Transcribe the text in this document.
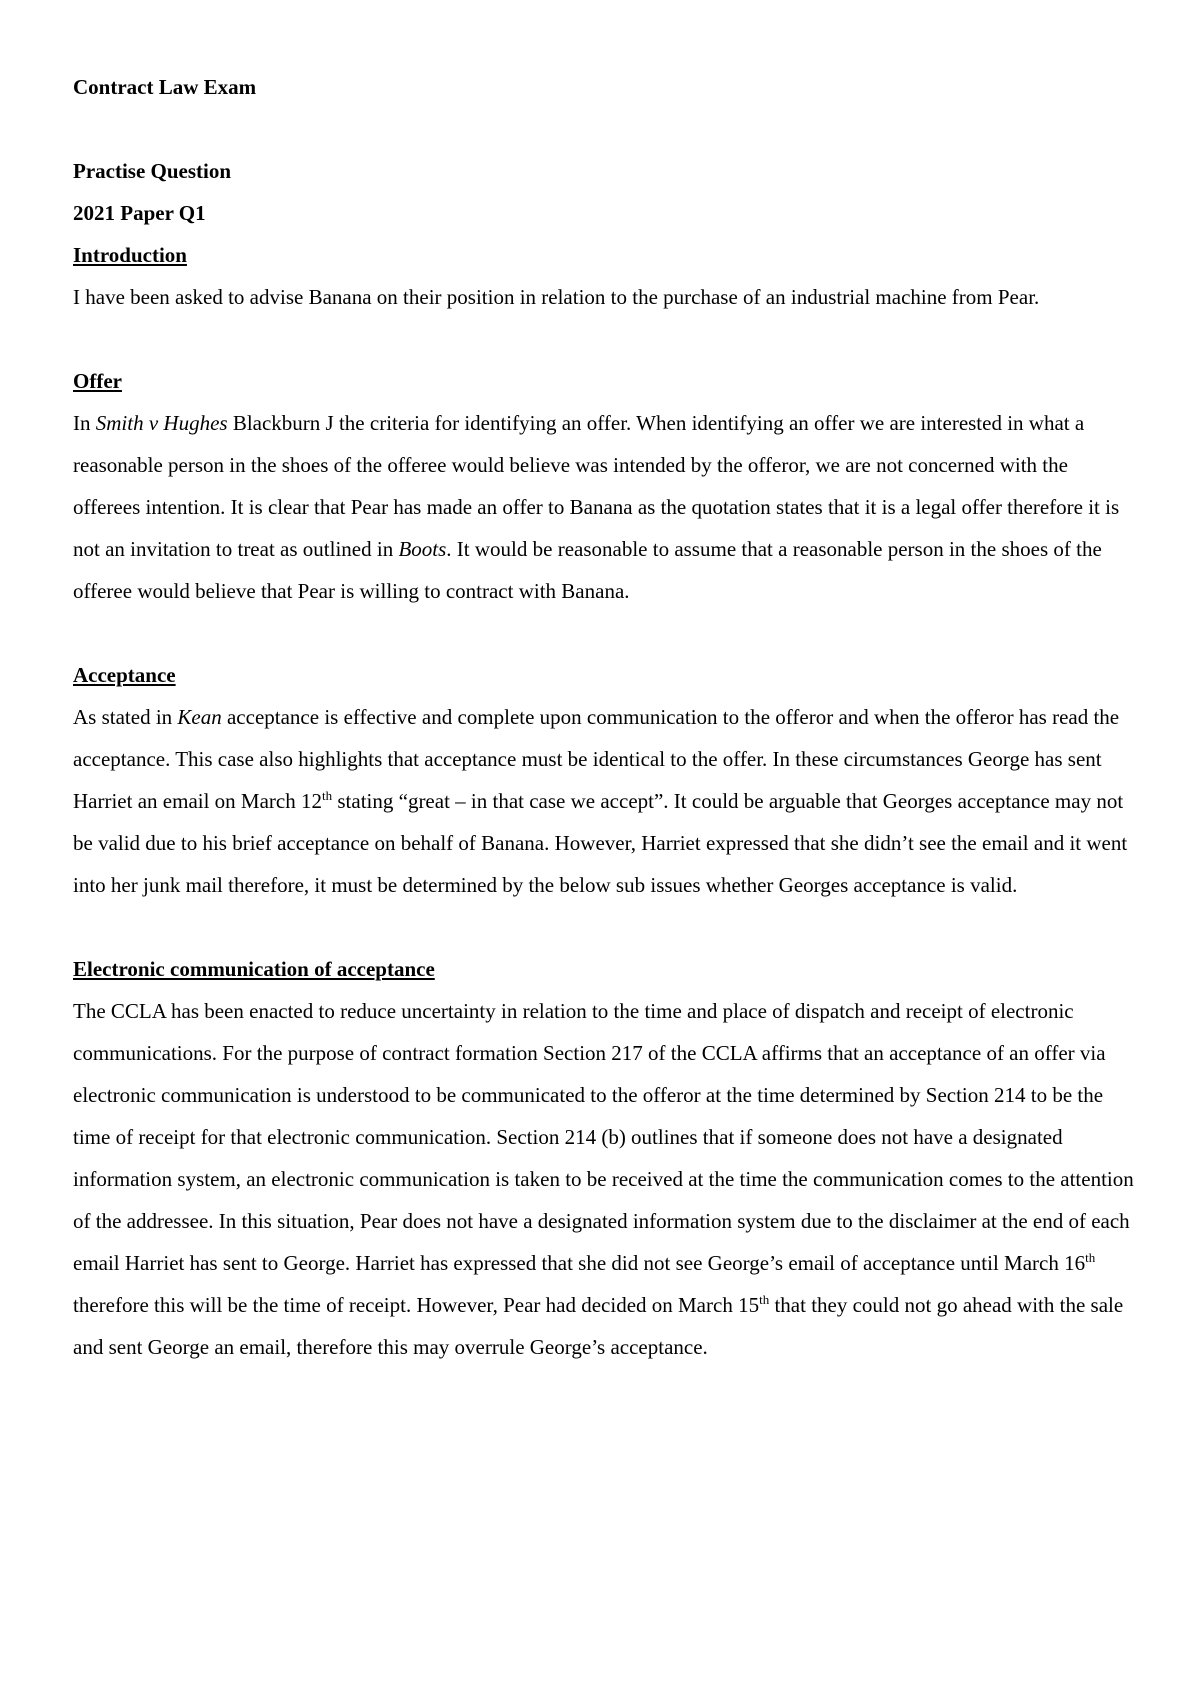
Contract Law Exam

Practise Question

2021 Paper Q1

Introduction

I have been asked to advise Banana on their position in relation to the purchase of an industrial machine from Pear.

Offer

In Smith v Hughes Blackburn J the criteria for identifying an offer. When identifying an offer we are interested in what a reasonable person in the shoes of the offeree would believe was intended by the offeror, we are not concerned with the offerees intention. It is clear that Pear has made an offer to Banana as the quotation states that it is a legal offer therefore it is not an invitation to treat as outlined in Boots. It would be reasonable to assume that a reasonable person in the shoes of the offeree would believe that Pear is willing to contract with Banana.

Acceptance

As stated in Kean acceptance is effective and complete upon communication to the offeror and when the offeror has read the acceptance. This case also highlights that acceptance must be identical to the offer. In these circumstances George has sent Harriet an email on March 12th stating “great – in that case we accept”. It could be arguable that Georges acceptance may not be valid due to his brief acceptance on behalf of Banana. However, Harriet expressed that she didn’t see the email and it went into her junk mail therefore, it must be determined by the below sub issues whether Georges acceptance is valid.

Electronic communication of acceptance

The CCLA has been enacted to reduce uncertainty in relation to the time and place of dispatch and receipt of electronic communications. For the purpose of contract formation Section 217 of the CCLA affirms that an acceptance of an offer via electronic communication is understood to be communicated to the offeror at the time determined by Section 214 to be the time of receipt for that electronic communication. Section 214 (b) outlines that if someone does not have a designated information system, an electronic communication is taken to be received at the time the communication comes to the attention of the addressee. In this situation, Pear does not have a designated information system due to the disclaimer at the end of each email Harriet has sent to George. Harriet has expressed that she did not see George’s email of acceptance until March 16th therefore this will be the time of receipt. However, Pear had decided on March 15th that they could not go ahead with the sale and sent George an email, therefore this may overrule George’s acceptance.
